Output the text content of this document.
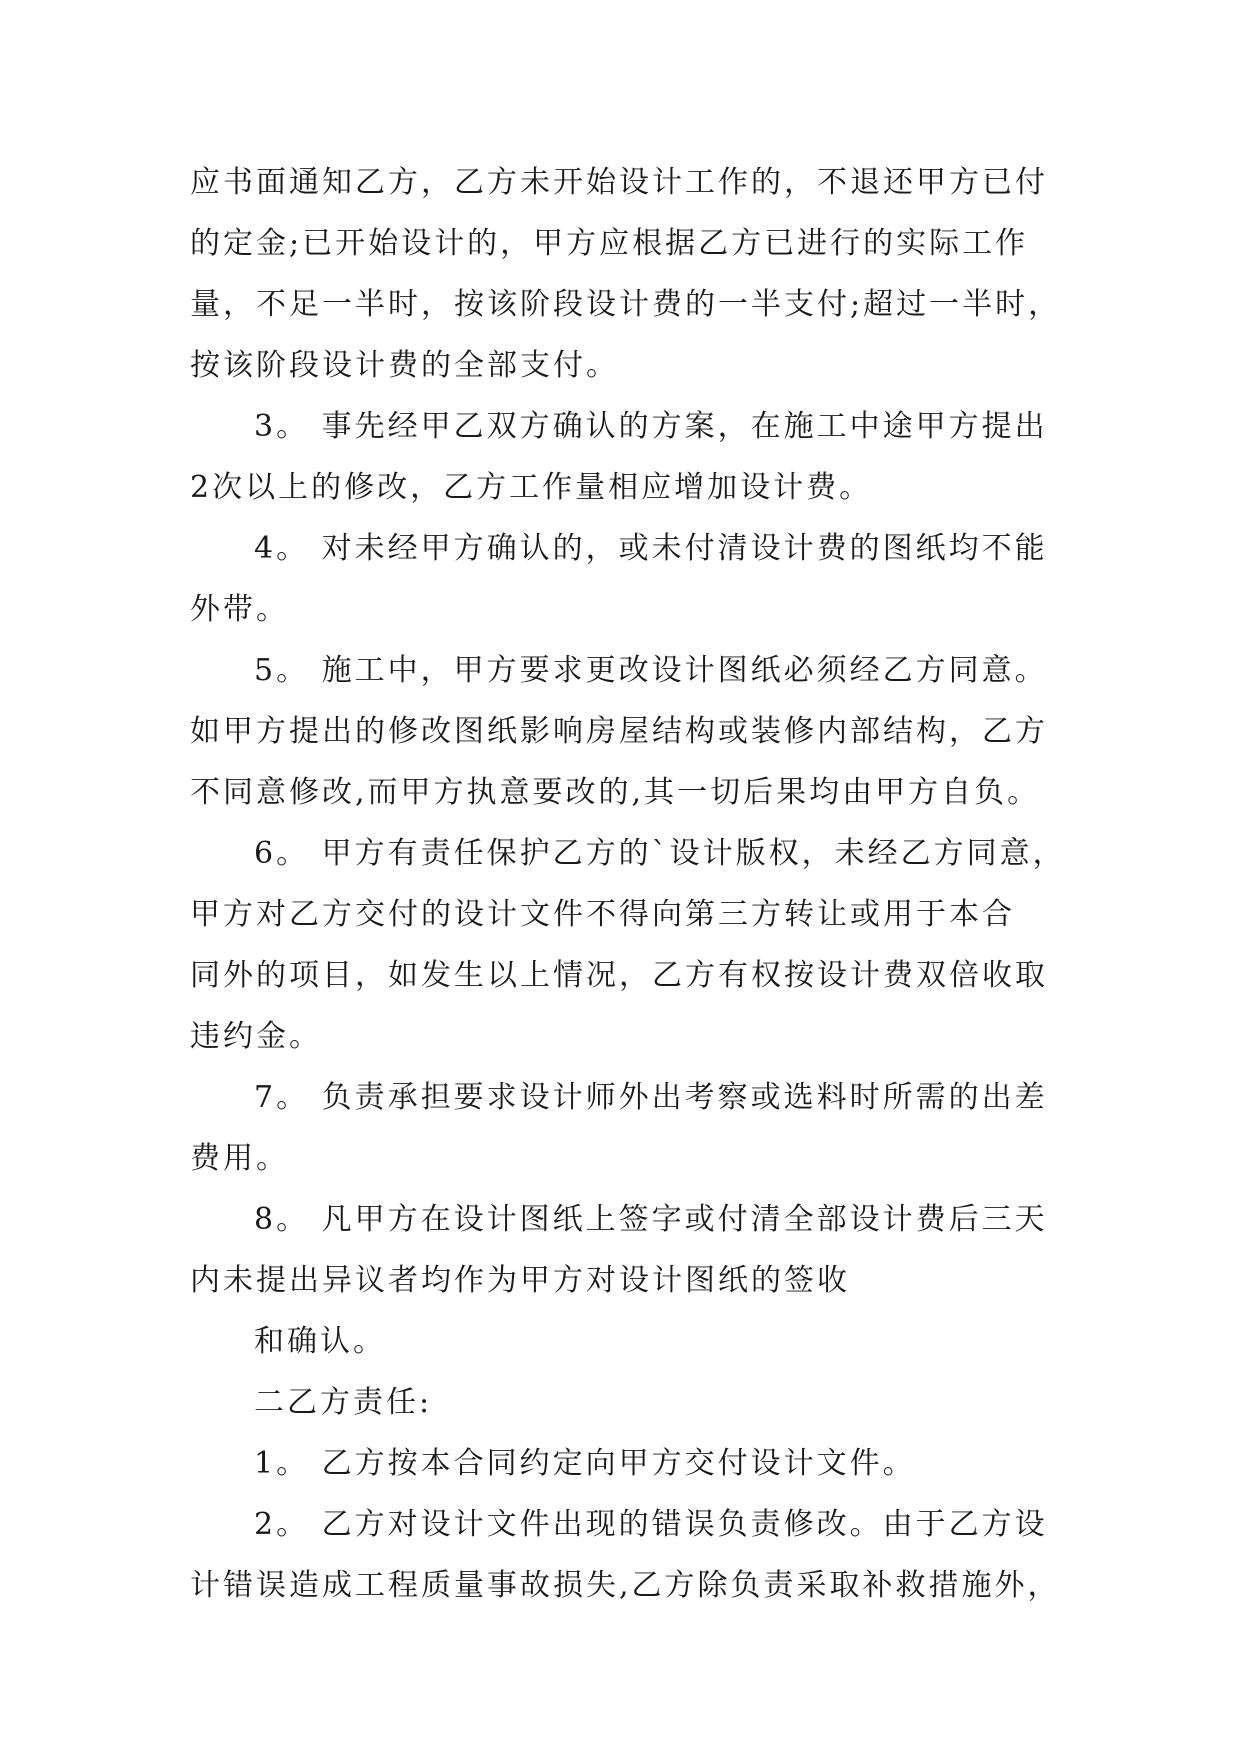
应书面通知乙方，乙方未开始设计工作的，不退还甲方已付
的定金;已开始设计的，甲方应根据乙方已进行的实际工作
量，不足一半时，按该阶段设计费的一半支付;超过一半时，
按该阶段设计费的全部支付。
3。 事先经甲乙双方确认的方案，在施工中途甲方提出
2次以上的修改，乙方工作量相应增加设计费。
4。 对未经甲方确认的，或未付清设计费的图纸均不能
外带。
5。 施工中，甲方要求更改设计图纸必须经乙方同意。
如甲方提出的修改图纸影响房屋结构或装修内部结构，乙方
不同意修改,而甲方执意要改的,其一切后果均由甲方自负。
6。 甲方有责任保护乙方的`设计版权，未经乙方同意，
甲方对乙方交付的设计文件不得向第三方转让或用于本合
同外的项目，如发生以上情况，乙方有权按设计费双倍收取
违约金。
7。 负责承担要求设计师外出考察或选料时所需的出差
费用。
8。 凡甲方在设计图纸上签字或付清全部设计费后三天
内未提出异议者均作为甲方对设计图纸的签收
和确认。
二乙方责任:
1。 乙方按本合同约定向甲方交付设计文件。
2。 乙方对设计文件出现的错误负责修改。由于乙方设
计错误造成工程质量事故损失,乙方除负责采取补救措施外，
